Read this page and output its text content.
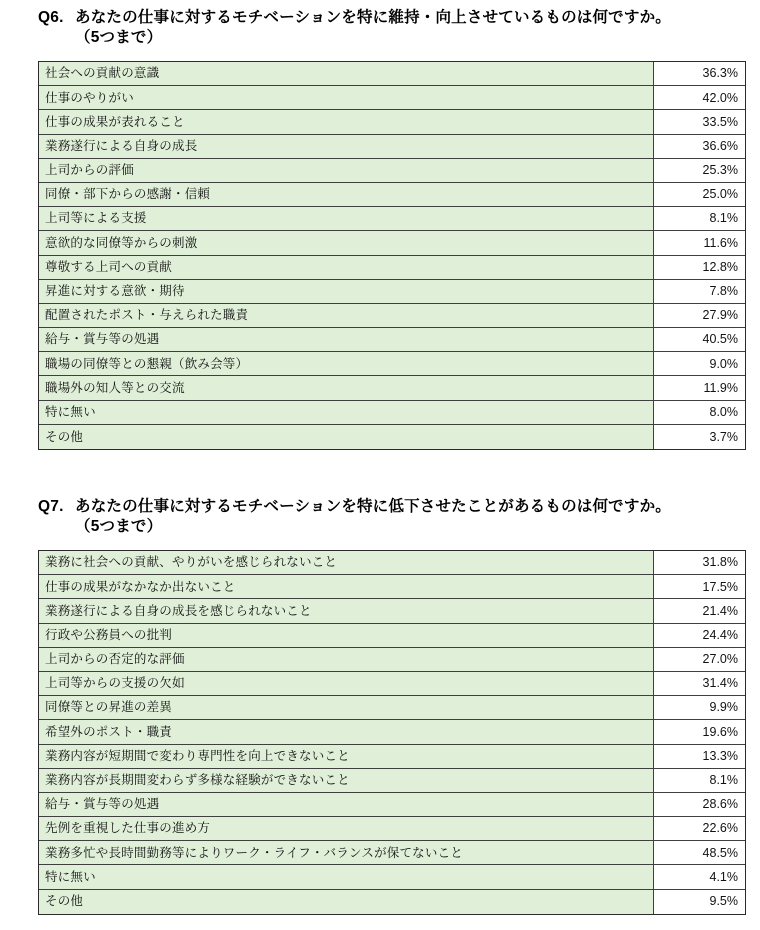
Q6. あなたの仕事に対するモチベーションを特に維持・向上させているものは何ですか。
（5つまで）
社会への貢献の意識	36.3%
仕事のやりがい	42.0%
仕事の成果が表れること	33.5%
業務遂行による自身の成長	36.6%
上司からの評価	25.3%
同僚・部下からの感謝・信頼	25.0%
上司等による支援	8.1%
意欲的な同僚等からの刺激	11.6%
尊敬する上司への貢献	12.8%
昇進に対する意欲・期待	7.8%
配置されたポスト・与えられた職責	27.9%
給与・賞与等の処遇	40.5%
職場の同僚等との懇親（飲み会等）	9.0%
職場外の知人等との交流	11.9%
特に無い	8.0%
その他	3.7%
Q7. あなたの仕事に対するモチベーションを特に低下させたことがあるものは何ですか。
（5つまで）
業務に社会への貢献、やりがいを感じられないこと	31.8%
仕事の成果がなかなか出ないこと	17.5%
業務遂行による自身の成長を感じられないこと	21.4%
行政や公務員への批判	24.4%
上司からの否定的な評価	27.0%
上司等からの支援の欠如	31.4%
同僚等との昇進の差異	9.9%
希望外のポスト・職責	19.6%
業務内容が短期間で変わり専門性を向上できないこと	13.3%
業務内容が長期間変わらず多様な経験ができないこと	8.1%
給与・賞与等の処遇	28.6%
先例を重視した仕事の進め方	22.6%
業務多忙や長時間勤務等によりワーク・ライフ・バランスが保てないこと	48.5%
特に無い	4.1%
その他	9.5%
